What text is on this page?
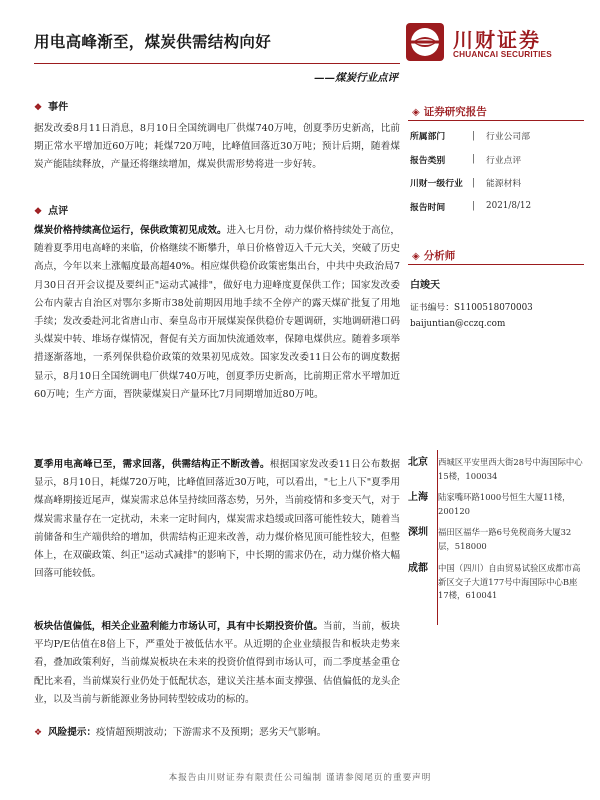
用电高峰渐至，煤炭供需结构向好	川财证券
CHUANCAI SECURITIES
——煤炭行业点评
❖ 事件

据发改委8月11日消息，8月10日全国统调电厂供煤740万吨，创夏季历史新高，比前期正常水平增加近60万吨；耗煤720万吨，比峰值回落近30万吨；预计后期，随着煤炭产能陆续释放，产量还将继续增加，煤炭供需形势将进一步好转。

❖ 点评

煤炭价格持续高位运行，保供政策初见成效。进入七月份，动力煤价格持续处于高位，随着夏季用电高峰的来临，价格继续不断攀升，单日价格曾迈入千元大关，突破了历史高点，今年以来上涨幅度最高超40%。相应煤供稳价政策密集出台，中共中央政治局7月30日召开会议提及要纠正"运动式减排"，做好电力迎峰度夏保供工作；国家发改委公布内蒙古自治区对鄂尔多斯市38处前期因用地手续不全停产的露天煤矿批复了用地手续；发改委赴河北省唐山市、秦皇岛市开展煤炭保供稳价专题调研，实地调研港口码头煤炭中转、堆场存煤情况，督促有关方面加快流通效率，保障电煤供应。随着多项举措逐渐落地，一系列保供稳价政策的效果初见成效。国家发改委11日公布的调度数据显示，8月10日全国统调电厂供煤740万吨，创夏季历史新高，比前期正常水平增加近60万吨；生产方面，晋陕蒙煤炭日产量环比7月同期增加近80万吨。

夏季用电高峰已至，需求回落，供需结构正不断改善。根据国家发改委11日公布数据显示，8月10日，耗煤720万吨，比峰值回落近30万吨，可以看出，"七上八下"夏季用煤高峰期接近尾声，煤炭需求总体呈持续回落态势，另外，当前疫情和多变天气，对于煤炭需求量存在一定扰动，未来一定时间内，煤炭需求趋缓或回落可能性较大，随着当前储备和生产端供给的增加，供需结构正迎来改善，动力煤价格见顶可能性较大，但整体上，在双碳政策、纠正"运动式减排"的影响下，中长期的需求仍在，动力煤价格大幅回落可能较低。

板块估值偏低，相关企业盈利能力市场认可，具有中长期投资价值。当前，当前，板块平均P/E估值在8倍上下，严重处于被低估水平。从近期的企业业绩报告和板块走势来看，叠加政策利好，当前煤炭板块在未来的投资价值得到市场认可，而二季度基金重仓配比来看，当前煤炭行业仍处于低配状态，建议关注基本面支撑强、估值偏低的龙头企业，以及当前与新能源业务协同转型较成功的标的。

❖ 风险提示：疫情超预期波动；下游需求不及预期；恶劣天气影响。

◈ 证券研究报告
所属部门	|	行业公司部
报告类别	|	行业点评
川财一级行业	|	能源材料
报告时间	|	2021/8/12
◈ 分析师
白竣天
证书编号：S1100518070003
baijuntian@cczq.com
北京	西城区平安里西大街28号中海国际中心15楼，100034
上海	陆家嘴环路1000号恒生大厦11楼，200120
深圳	福田区福华一路6号免税商务大厦32层，518000
成都	中国（四川）自由贸易试验区成都市高新区交子大道177号中海国际中心B座17楼，610041
本报告由川财证券有限责任公司编制 谨请参阅尾页的重要声明
